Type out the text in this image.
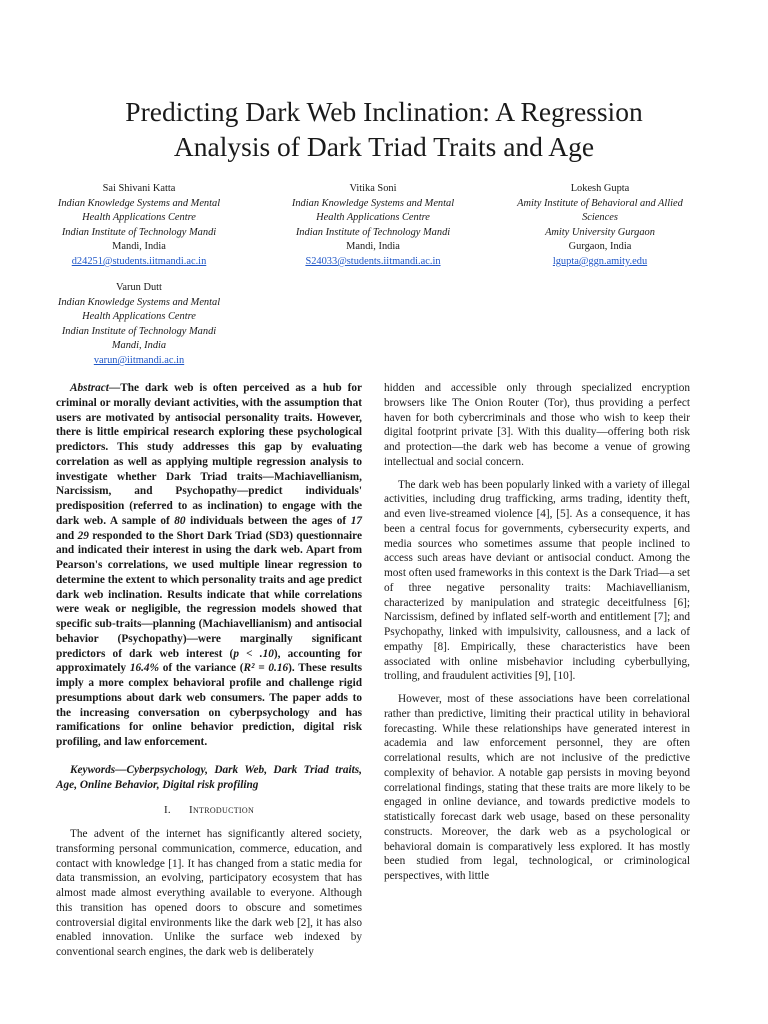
Predicting Dark Web Inclination: A Regression
Analysis of Dark Triad Traits and Age
Sai Shivani Katta
Indian Knowledge Systems and Mental
Health Applications Centre
Indian Institute of Technology Mandi
Mandi, India
d24251@students.iitmandi.ac.in
Vitika Soni
Indian Knowledge Systems and Mental
Health Applications Centre
Indian Institute of Technology Mandi
Mandi, India
S24033@students.iitmandi.ac.in
Lokesh Gupta
Amity Institute of Behavioral and Allied
Sciences
Amity University Gurgaon
Gurgaon, India
lgupta@ggn.amity.edu
Varun Dutt
Indian Knowledge Systems and Mental
Health Applications Centre
Indian Institute of Technology Mandi
Mandi, India
varun@iitmandi.ac.in

Abstract—The dark web is often perceived as a hub for criminal or morally deviant activities, with the assumption that users are motivated by antisocial personality traits. However, there is little empirical research exploring these psychological predictors. This study addresses this gap by evaluating correlation as well as applying multiple regression analysis to investigate whether Dark Triad traits—Machiavellianism, Narcissism, and Psychopathy—predict individuals' predisposition (referred to as inclination) to engage with the dark web. A sample of 80 individuals between the ages of 17 and 29 responded to the Short Dark Triad (SD3) questionnaire and indicated their interest in using the dark web. Apart from Pearson's correlations, we used multiple linear regression to determine the extent to which personality traits and age predict dark web inclination. Results indicate that while correlations were weak or negligible, the regression models showed that specific sub-traits—planning (Machiavellianism) and antisocial behavior (Psychopathy)—were marginally significant predictors of dark web interest (p < .10), accounting for approximately 16.4% of the variance (R² = 0.16). These results imply a more complex behavioral profile and challenge rigid presumptions about dark web consumers. The paper adds to the increasing conversation on cyberpsychology and has ramifications for online behavior prediction, digital risk profiling, and law enforcement.

Keywords—Cyberpsychology, Dark Web, Dark Triad traits, Age, Online Behavior, Digital risk profiling

I. Introduction

The advent of the internet has significantly altered society, transforming personal communication, commerce, education, and contact with knowledge [1]. It has changed from a static media for data transmission, an evolving, participatory ecosystem that has almost made almost everything available to everyone. Although this transition has opened doors to obscure and sometimes controversial digital environments like the dark web [2], it has also enabled innovation. Unlike the surface web indexed by conventional search engines, the dark web is deliberately

hidden and accessible only through specialized encryption browsers like The Onion Router (Tor), thus providing a perfect haven for both cybercriminals and those who wish to keep their digital footprint private [3]. With this duality—offering both risk and protection—the dark web has become a venue of growing intellectual and social concern.

The dark web has been popularly linked with a variety of illegal activities, including drug trafficking, arms trading, identity theft, and even live-streamed violence [4], [5]. As a consequence, it has been a central focus for governments, cybersecurity experts, and media sources who sometimes assume that people inclined to access such areas have deviant or antisocial conduct. Among the most often used frameworks in this context is the Dark Triad—a set of three negative personality traits: Machiavellianism, characterized by manipulation and strategic deceitfulness [6]; Narcissism, defined by inflated self-worth and entitlement [7]; and Psychopathy, linked with impulsivity, callousness, and a lack of empathy [8]. Empirically, these characteristics have been associated with online misbehavior including cyberbullying, trolling, and fraudulent activities [9], [10].

However, most of these associations have been correlational rather than predictive, limiting their practical utility in behavioral forecasting. While these relationships have generated interest in academia and law enforcement personnel, they are often correlational results, which are not inclusive of the predictive complexity of behavior. A notable gap persists in moving beyond correlational findings, stating that these traits are more likely to be engaged in online deviance, and towards predictive models to statistically forecast dark web usage, based on these personality constructs. Moreover, the dark web as a psychological or behavioral domain is comparatively less explored. It has mostly been studied from legal, technological, or criminological perspectives, with little
